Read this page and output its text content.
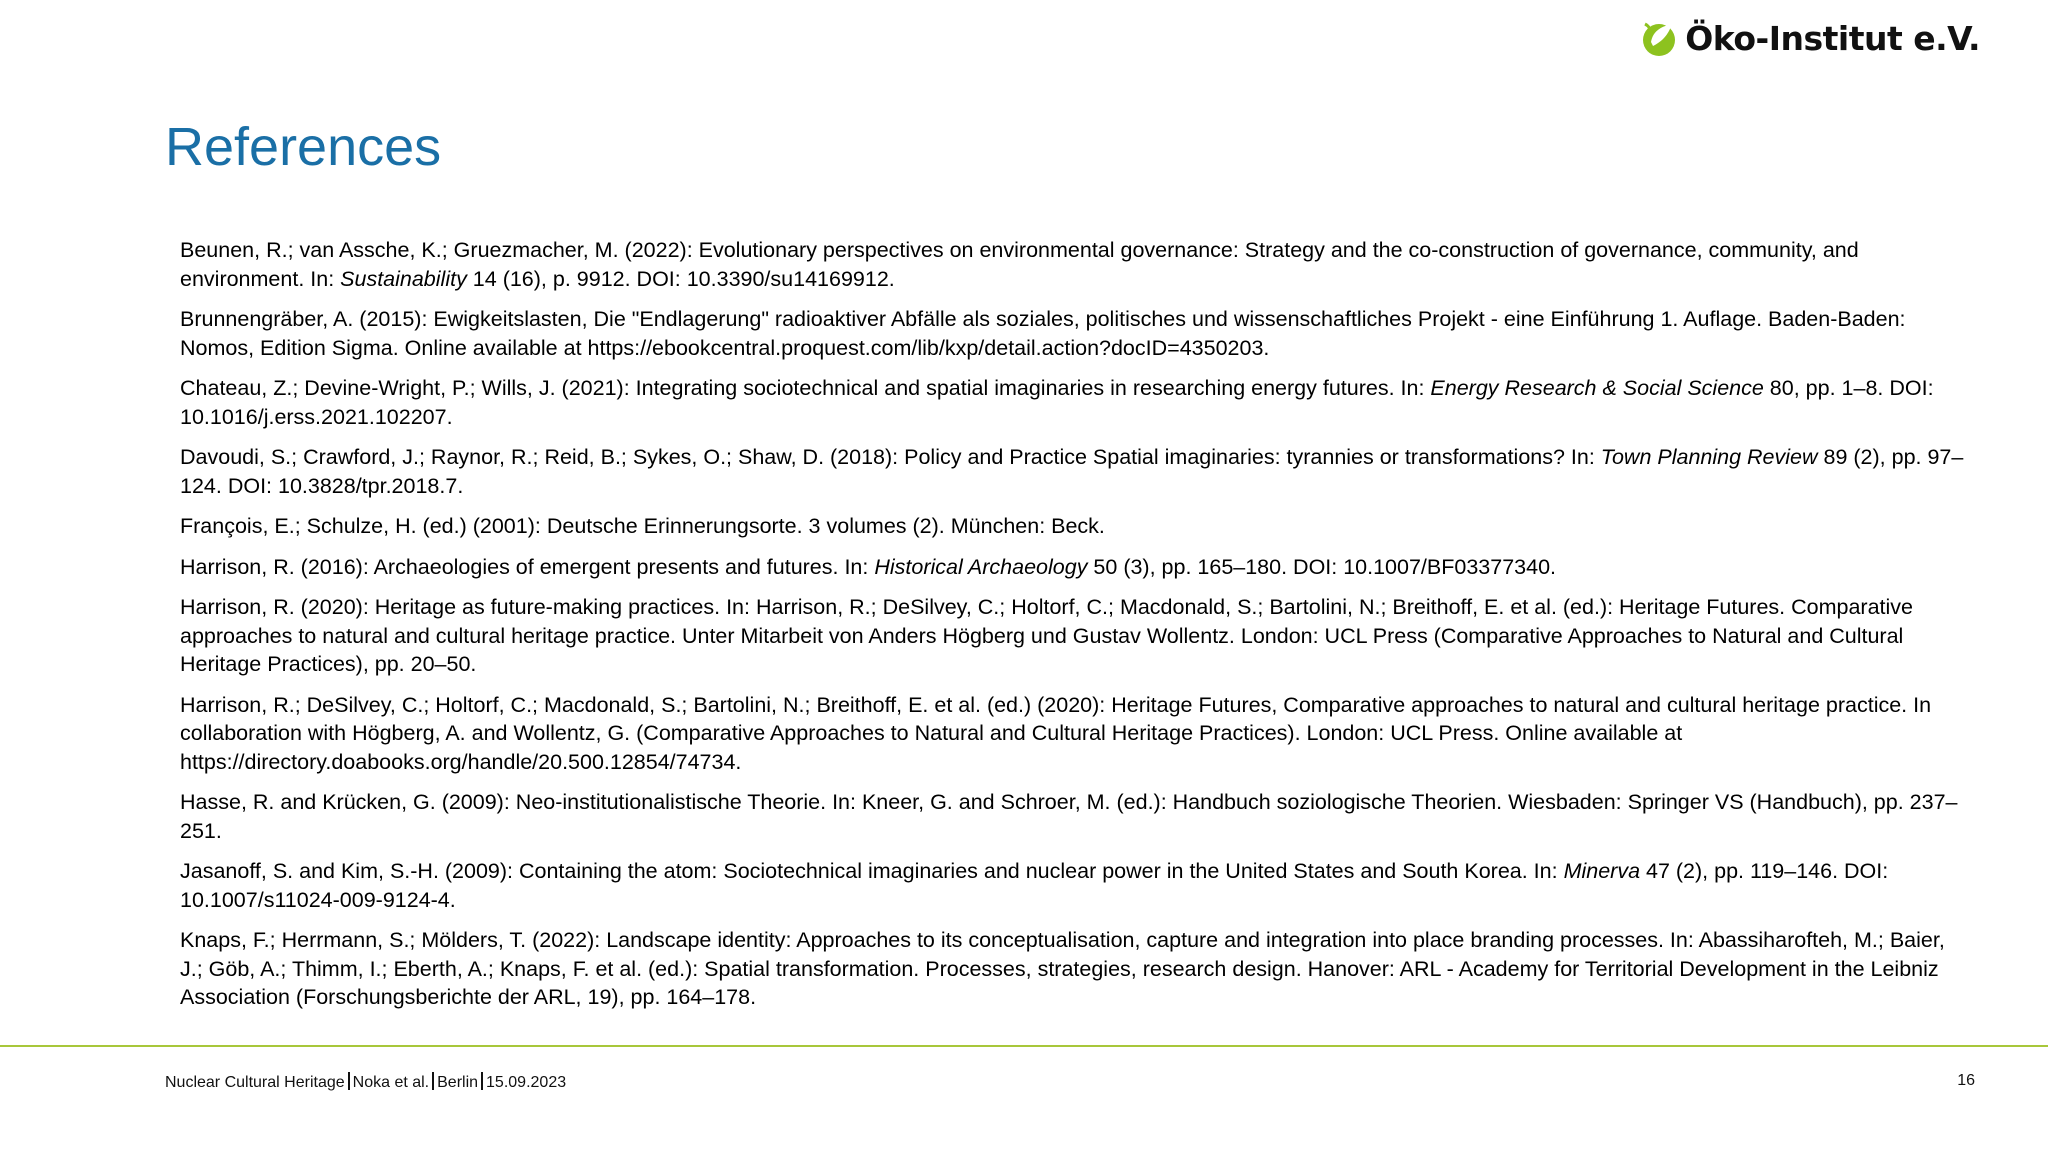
Öko-Institut e.V.
References
Beunen, R.; van Assche, K.; Gruezmacher, M. (2022): Evolutionary perspectives on environmental governance: Strategy and the co-construction of governance, community, and environment. In: Sustainability 14 (16), p. 9912. DOI: 10.3390/su14169912.
Brunnengräber, A. (2015): Ewigkeitslasten, Die "Endlagerung" radioaktiver Abfälle als soziales, politisches und wissenschaftliches Projekt - eine Einführung 1. Auflage. Baden-Baden: Nomos, Edition Sigma. Online available at https://ebookcentral.proquest.com/lib/kxp/detail.action?docID=4350203.
Chateau, Z.; Devine-Wright, P.; Wills, J. (2021): Integrating sociotechnical and spatial imaginaries in researching energy futures. In: Energy Research & Social Science 80, pp. 1–8. DOI: 10.1016/j.erss.2021.102207.
Davoudi, S.; Crawford, J.; Raynor, R.; Reid, B.; Sykes, O.; Shaw, D. (2018): Policy and Practice Spatial imaginaries: tyrannies or transformations? In: Town Planning Review 89 (2), pp. 97–124. DOI: 10.3828/tpr.2018.7.
François, E.; Schulze, H. (ed.) (2001): Deutsche Erinnerungsorte. 3 volumes (2). München: Beck.
Harrison, R. (2016): Archaeologies of emergent presents and futures. In: Historical Archaeology 50 (3), pp. 165–180. DOI: 10.1007/BF03377340.
Harrison, R. (2020): Heritage as future-making practices. In: Harrison, R.; DeSilvey, C.; Holtorf, C.; Macdonald, S.; Bartolini, N.; Breithoff, E. et al. (ed.): Heritage Futures. Comparative approaches to natural and cultural heritage practice. Unter Mitarbeit von Anders Högberg und Gustav Wollentz. London: UCL Press (Comparative Approaches to Natural and Cultural Heritage Practices), pp. 20–50.
Harrison, R.; DeSilvey, C.; Holtorf, C.; Macdonald, S.; Bartolini, N.; Breithoff, E. et al. (ed.) (2020): Heritage Futures, Comparative approaches to natural and cultural heritage practice. In collaboration with Högberg, A. and Wollentz, G. (Comparative Approaches to Natural and Cultural Heritage Practices). London: UCL Press. Online available at https://directory.doabooks.org/handle/20.500.12854/74734.
Hasse, R. and Krücken, G. (2009): Neo-institutionalistische Theorie. In: Kneer, G. and Schroer, M. (ed.): Handbuch soziologische Theorien. Wiesbaden: Springer VS (Handbuch), pp. 237–251.
Jasanoff, S. and Kim, S.-H. (2009): Containing the atom: Sociotechnical imaginaries and nuclear power in the United States and South Korea. In: Minerva 47 (2), pp. 119–146. DOI: 10.1007/s11024-009-9124-4.
Knaps, F.; Herrmann, S.; Mölders, T. (2022): Landscape identity: Approaches to its conceptualisation, capture and integration into place branding processes. In: Abassiharofteh, M.; Baier, J.; Göb, A.; Thimm, I.; Eberth, A.; Knaps, F. et al. (ed.): Spatial transformation. Processes, strategies, research design. Hanover: ARL - Academy for Territorial Development in the Leibniz Association (Forschungsberichte der ARL, 19), pp. 164–178.
Nuclear Cultural Heritage Noka et al. Berlin 15.09.2023	16
